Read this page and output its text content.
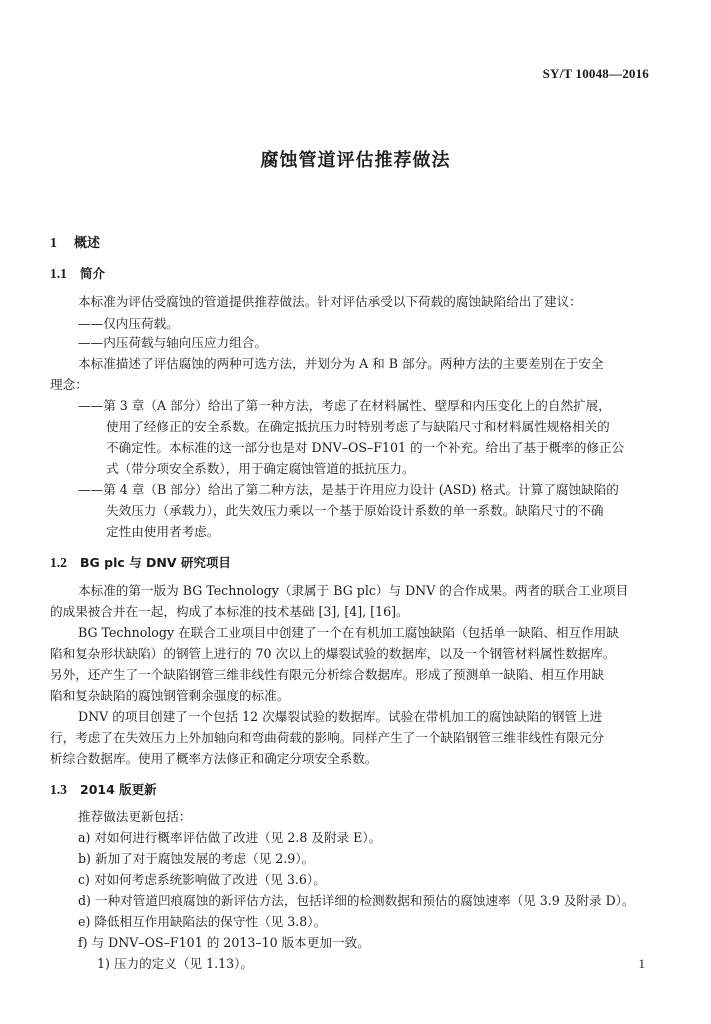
SY/T 10048—2016
腐蚀管道评估推荐做法
1 概述
1.1 简介
本标准为评估受腐蚀的管道提供推荐做法。针对评估承受以下荷载的腐蚀缺陷给出了建议：
——仅内压荷载。
——内压荷载与轴向压应力组合。
本标准描述了评估腐蚀的两种可选方法，并划分为 A 和 B 部分。两种方法的主要差别在于安全
理念：
——第 3 章（A 部分）给出了第一种方法，考虑了在材料属性、壁厚和内压变化上的自然扩展，
使用了经修正的安全系数。在确定抵抗压力时特别考虑了与缺陷尺寸和材料属性规格相关的
不确定性。本标准的这一部分也是对 DNV–OS–F101 的一个补充。给出了基于概率的修正公
式（带分项安全系数），用于确定腐蚀管道的抵抗压力。
——第 4 章（B 部分）给出了第二种方法，是基于许用应力设计 (ASD) 格式。计算了腐蚀缺陷的
失效压力（承载力），此失效压力乘以一个基于原始设计系数的单一系数。缺陷尺寸的不确
定性由使用者考虑。
1.2 BG plc 与 DNV 研究项目
本标准的第一版为 BG Technology（隶属于 BG plc）与 DNV 的合作成果。两者的联合工业项目
的成果被合并在一起，构成了本标准的技术基础 [3], [4], [16]。
BG Technology 在联合工业项目中创建了一个在有机加工腐蚀缺陷（包括单一缺陷、相互作用缺
陷和复杂形状缺陷）的钢管上进行的 70 次以上的爆裂试验的数据库，以及一个钢管材料属性数据库。
另外，还产生了一个缺陷钢管三维非线性有限元分析综合数据库。形成了预测单一缺陷、相互作用缺
陷和复杂缺陷的腐蚀钢管剩余强度的标准。
DNV 的项目创建了一个包括 12 次爆裂试验的数据库。试验在带机加工的腐蚀缺陷的钢管上进
行，考虑了在失效压力上外加轴向和弯曲荷载的影响。同样产生了一个缺陷钢管三维非线性有限元分
析综合数据库。使用了概率方法修正和确定分项安全系数。
1.3 2014 版更新
推荐做法更新包括：
a) 对如何进行概率评估做了改进（见 2.8 及附录 E）。
b) 新加了对于腐蚀发展的考虑（见 2.9）。
c) 对如何考虑系统影响做了改进（见 3.6）。
d) 一种对管道凹痕腐蚀的新评估方法，包括详细的检测数据和预估的腐蚀速率（见 3.9 及附录 D）。
e) 降低相互作用缺陷法的保守性（见 3.8）。
f) 与 DNV–OS–F101 的 2013–10 版本更加一致。
1) 压力的定义（见 1.13）。	1
